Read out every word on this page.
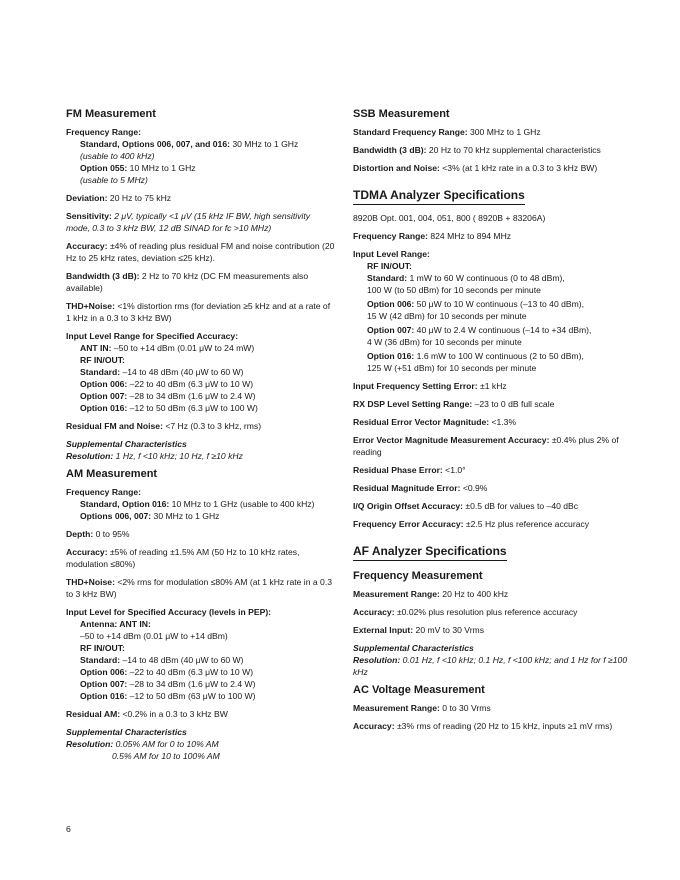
FM Measurement
Frequency Range:
Standard, Options 006, 007, and 016: 30 MHz to 1 GHz
(usable to 400 kHz)
Option 055: 10 MHz to 1 GHz
(usable to 5 MHz)
Deviation: 20 Hz to 75 kHz
Sensitivity: 2 μV, typically <1 μV (15 kHz IF BW, high sensitivity mode, 0.3 to 3 kHz BW, 12 dB SINAD for fc >10 MHz)
Accuracy: ±4% of reading plus residual FM and noise contribution (20 Hz to 25 kHz rates, deviation ≤25 kHz).
Bandwidth (3 dB): 2 Hz to 70 kHz (DC FM measurements also available)
THD+Noise: <1% distortion rms (for deviation ≥5 kHz and at a rate of 1 kHz in a 0.3 to 3 kHz BW)
Input Level Range for Specified Accuracy:
ANT IN: –50 to +14 dBm (0.01 μW to 24 mW)
RF IN/OUT:
Standard: –14 to 48 dBm (40 μW to 60 W)
Option 006: –22 to 40 dBm (6.3 μW to 10 W)
Option 007: –28 to 34 dBm (1.6 μW to 2.4 W)
Option 016: –12 to 50 dBm (6.3 μW to 100 W)
Residual FM and Noise: <7 Hz (0.3 to 3 kHz, rms)
Supplemental Characteristics
Resolution: 1 Hz, f <10 kHz; 10 Hz, f ≥10 kHz
AM Measurement
Frequency Range:
Standard, Option 016: 10 MHz to 1 GHz (usable to 400 kHz)
Options 006, 007: 30 MHz to 1 GHz
Depth: 0 to 95%
Accuracy: ±5% of reading ±1.5% AM (50 Hz to 10 kHz rates, modulation ≤80%)
THD+Noise: <2% rms for modulation ≤80% AM (at 1 kHz rate in a 0.3 to 3 kHz BW)
Input Level for Specified Accuracy (levels in PEP):
Antenna: ANT IN:
–50 to +14 dBm (0.01 μW to +14 dBm)
RF IN/OUT:
Standard: –14 to 48 dBm (40 μW to 60 W)
Option 006: –22 to 40 dBm (6.3 μW to 10 W)
Option 007: –28 to 34 dBm (1.6 μW to 2.4 W)
Option 016: –12 to 50 dBm (63 μW to 100 W)
Residual AM: <0.2% in a 0.3 to 3 kHz BW
Supplemental Characteristics
Resolution: 0.05% AM for 0 to 10% AM
0.5% AM for 10 to 100% AM
SSB Measurement
Standard Frequency Range: 300 MHz to 1 GHz
Bandwidth (3 dB): 20 Hz to 70 kHz supplemental characteristics
Distortion and Noise: <3% (at 1 kHz rate in a 0.3 to 3 kHz BW)
TDMA Analyzer Specifications
8920B Opt. 001, 004, 051, 800 ( 8920B + 83206A)
Frequency Range: 824 MHz to 894 MHz
Input Level Range:
RF IN/OUT:
Standard: 1 mW to 60 W continuous (0 to 48 dBm),
100 W (to 50 dBm) for 10 seconds per minute
Option 006: 50 μW to 10 W continuous (–13 to 40 dBm),
15 W (42 dBm) for 10 seconds per minute
Option 007: 40 μW to 2.4 W continuous (–14 to +34 dBm),
4 W (36 dBm) for 10 seconds per minute
Option 016: 1.6 mW to 100 W continuous (2 to 50 dBm),
125 W (+51 dBm) for 10 seconds per minute
Input Frequency Setting Error: ±1 kHz
RX DSP Level Setting Range: –23 to 0 dB full scale
Residual Error Vector Magnitude: <1.3%
Error Vector Magnitude Measurement Accuracy: ±0.4% plus 2% of reading
Residual Phase Error: <1.0°
Residual Magnitude Error: <0.9%
I/Q Origin Offset Accuracy: ±0.5 dB for values to –40 dBc
Frequency Error Accuracy: ±2.5 Hz plus reference accuracy
AF Analyzer Specifications
Frequency Measurement
Measurement Range: 20 Hz to 400 kHz
Accuracy: ±0.02% plus resolution plus reference accuracy
External Input: 20 mV to 30 Vrms
Supplemental Characteristics
Resolution: 0.01 Hz, f <10 kHz; 0.1 Hz, f <100 kHz; and 1 Hz for f ≥100 kHz
AC Voltage Measurement
Measurement Range: 0 to 30 Vrms
Accuracy: ±3% rms of reading (20 Hz to 15 kHz, inputs ≥1 mV rms)
6
